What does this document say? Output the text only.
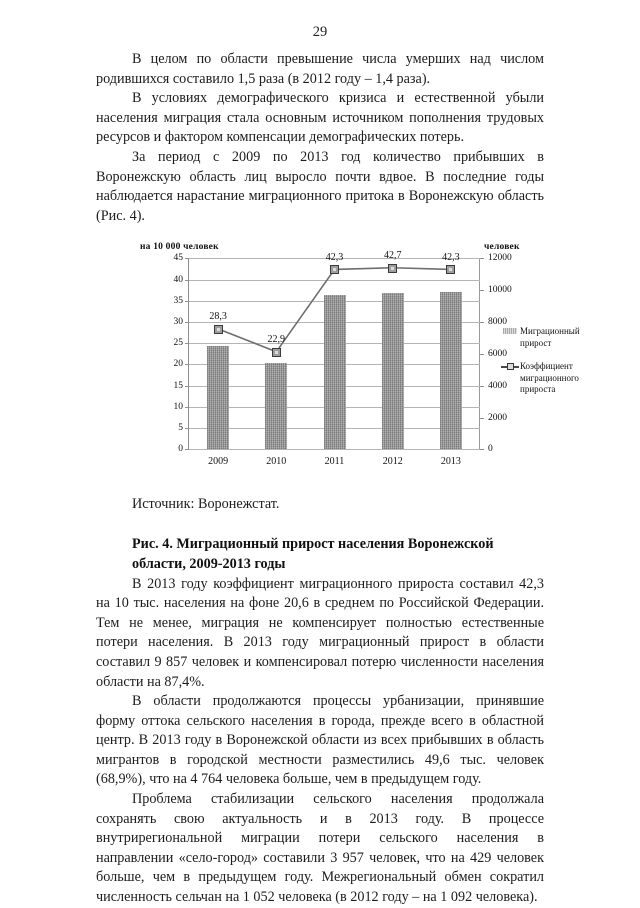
29

В целом по области превышение числа умерших над числом родившихся составило 1,5 раза (в 2012 году – 1,4 раза).

В условиях демографического кризиса и естественной убыли населения миграция стала основным источником пополнения трудовых ресурсов и фактором компенсации демографических потерь.

За период с 2009 по 2013 год количество прибывших в Воронежскую область лиц выросло почти вдвое. В последние годы наблюдается нарастание миграционного притока в Воронежскую область (Рис. 4).

на 10 000 человек	человек
0
5
10
15
20
25
30
35
40
45
0
2000
4000
6000
8000
10000
12000
2009	2010	2011	2012	2013
28,3
22,9
42,3	42,7	42,3
Миграционный прирост
Коэффициент миграционного прироста

Источник: Воронежстат.

Рис. 4. Миграционный прирост населения Воронежской области, 2009-2013 годы

В 2013 году коэффициент миграционного прироста составил 42,3 на 10 тыс. населения на фоне 20,6 в среднем по Российской Федерации. Тем не менее, миграция не компенсирует полностью естественные потери населения. В 2013 году миграционный прирост в области составил 9 857 человек и компенсировал потерю численности населения области на 87,4%.

В области продолжаются процессы урбанизации, принявшие форму оттока сельского населения в города, прежде всего в областной центр. В 2013 году в Воронежской области из всех прибывших в область мигрантов в городской местности разместились 49,6 тыс. человек (68,9%), что на 4 764 человека больше, чем в предыдущем году.

Проблема стабилизации сельского населения продолжала сохранять свою актуальность и в 2013 году. В процессе внутрирегиональной миграции потери сельского населения в направлении «село-город» составили 3 957 человек, что на 429 человек больше, чем в предыдущем году. Межрегиональный обмен сократил численность сельчан на 1 052 человека (в 2012 году – на 1 092 человека).
